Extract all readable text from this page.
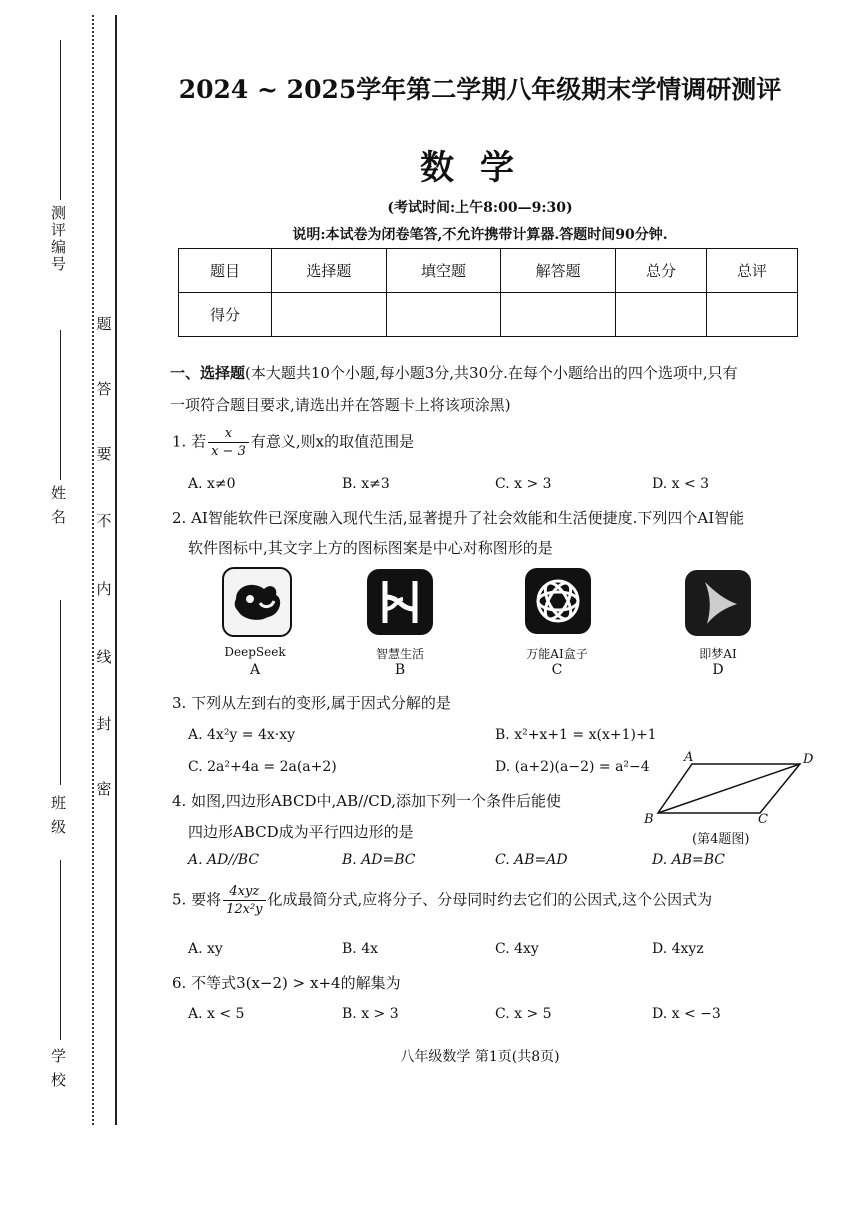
测评编号
姓 名
班 级
学 校
题
答
要
不
内
线
封
密
2024 ~ 2025学年第二学期八年级期末学情调研测评
数学
(考试时间:上午8:00—9:30)
说明:本试卷为闭卷笔答,不允许携带计算器.答题时间90分钟.
题目	选择题	填空题	解答题	总分	总评
得分					
一、选择题(本大题共10个小题,每小题3分,共30分.在每个小题给出的四个选项中,只有
一项符合题目要求,请选出并在答题卡上将该项涂黑)
1. 若 $\frac{x}{x - 3}$ 有意义,则x的取值范围是
A. x≠0	B. x≠3	C. x > 3	D. x < 3
2. AI智能软件已深度融入现代生活,显著提升了社会效能和生活便捷度.下列四个AI智能
软件图标中,其文字上方的图标图案是中心对称图形的是
DeepSeek
A
智慧生活
B
万能AI盒子
C
即梦AI
D
3. 下列从左到右的变形,属于因式分解的是
A. 4x²y = 4x·xy	B. x²+x+1 = x(x+1)+1
C. 2a²+4a = 2a(a+2)	D. (a+2)(a−2) = a²−4
4. 如图,四边形ABCD中,AB//CD,添加下列一个条件后能使
四边形ABCD成为平行四边形的是
A
B	C
D
(第4题图)
A. AD//BC	B. AD=BC	C. AB=AD	D. AB=BC
5. 要将 $\frac{\text{4xyz}}{\text{12x²y}}$ 化成最简分式,应将分子、分母同时约去它们的公因式,这个公因式为
A. xy	B. 4x	C. 4xy	D. 4xyz
6. 不等式3(x−2) > x+4的解集为
A. x < 5	B. x > 3	C. x > 5	D. x < −3
八年级数学 第1页(共8页)
